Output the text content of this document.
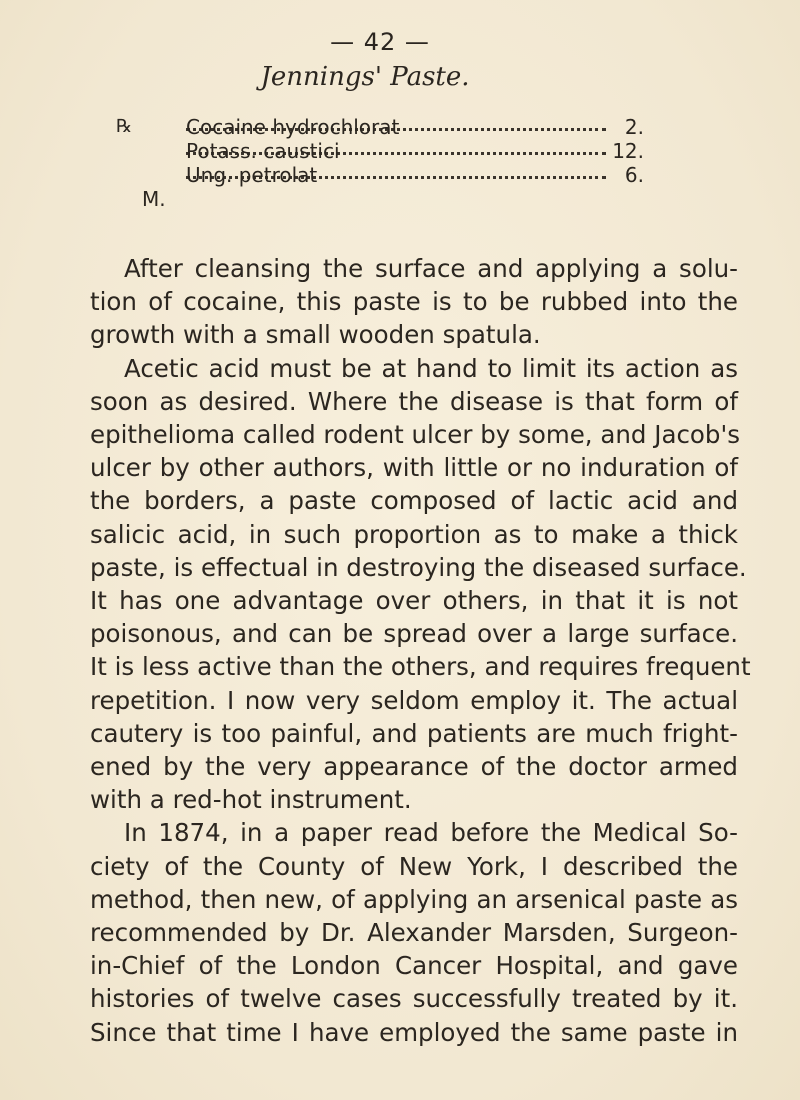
— 42 —
Jennings' Paste.
℞	Cocaine hydrochlorat	2.
Potass. caustici	12.
Ung. petrolat	6.
M.

After cleansing the surface and applying a solu-
tion of cocaine, this paste is to be rubbed into the
growth with a small wooden spatula.

Acetic acid must be at hand to limit its action as
soon as desired. Where the disease is that form of
epithelioma called rodent ulcer by some, and Jacob's
ulcer by other authors, with little or no induration of
the borders, a paste composed of lactic acid and
salicic acid, in such proportion as to make a thick
paste, is effectual in destroying the diseased surface.
It has one advantage over others, in that it is not
poisonous, and can be spread over a large surface.
It is less active than the others, and requires frequent
repetition. I now very seldom employ it. The actual
cautery is too painful, and patients are much fright-
ened by the very appearance of the doctor armed
with a red-hot instrument.

In 1874, in a paper read before the Medical So-
ciety of the County of New York, I described the
method, then new, of applying an arsenical paste as
recommended by Dr. Alexander Marsden, Surgeon-
in-Chief of the London Cancer Hospital, and gave
histories of twelve cases successfully treated by it.
Since that time I have employed the same paste in
